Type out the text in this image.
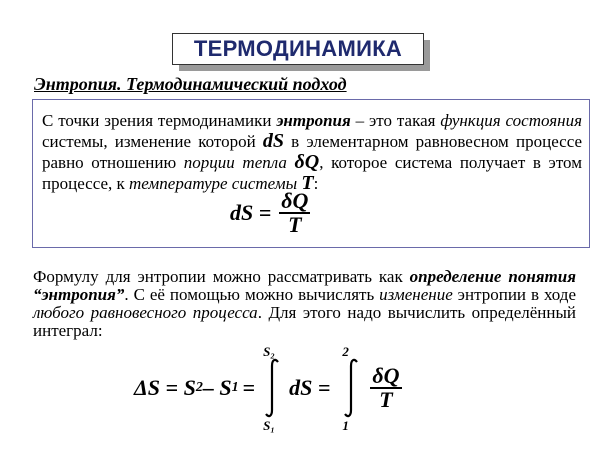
ТЕРМОДИНАМИКА
Энтропия. Термодинамический подход
С точки зрения термодинамики энтропия – это такая функция состояния системы, изменение которой dS в элементарном равновесном процессе равно отношению порции тепла δQ, которое система получает в этом процессе, к температуре системы T:
dS = $\frac{\delta Q}{T}$
Формулу для энтропии можно рассматривать как определение понятия “энтропия”. С её помощью можно вычислять изменение энтропии в ходе любого равновесного процесса. Для этого надо вычислить определённый интеграл:
ΔS = S 2 – S 1 =
S₂
S₁
dS =
2
1
$\frac{\delta Q}{T}$
